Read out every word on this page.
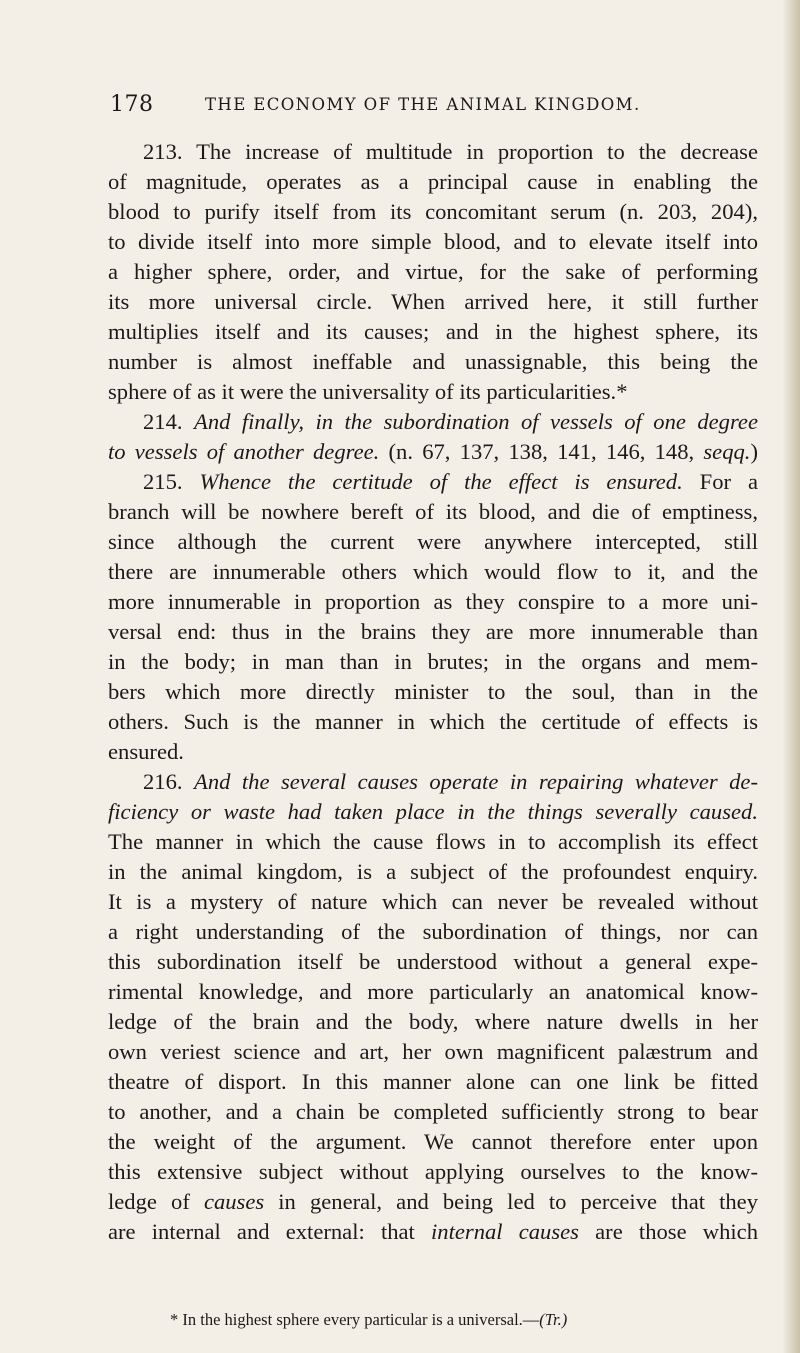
178	THE ECONOMY OF THE ANIMAL KINGDOM.
213. The increase of multitude in proportion to the decrease
of magnitude, operates as a principal cause in enabling the
blood to purify itself from its concomitant serum (n. 203, 204),
to divide itself into more simple blood, and to elevate itself into
a higher sphere, order, and virtue, for the sake of performing
its more universal circle. When arrived here, it still further
multiplies itself and its causes; and in the highest sphere, its
number is almost ineffable and unassignable, this being the
sphere of as it were the universality of its particularities.*
214. And finally, in the subordination of vessels of one degree
to vessels of another degree. (n. 67, 137, 138, 141, 146, 148, seqq.)
215. Whence the certitude of the effect is ensured. For a
branch will be nowhere bereft of its blood, and die of emptiness,
since although the current were anywhere intercepted, still
there are innumerable others which would flow to it, and the
more innumerable in proportion as they conspire to a more uni-
versal end: thus in the brains they are more innumerable than
in the body; in man than in brutes; in the organs and mem-
bers which more directly minister to the soul, than in the
others. Such is the manner in which the certitude of effects is
ensured.
216. And the several causes operate in repairing whatever de-
ficiency or waste had taken place in the things severally caused.
The manner in which the cause flows in to accomplish its effect
in the animal kingdom, is a subject of the profoundest enquiry.
It is a mystery of nature which can never be revealed without
a right understanding of the subordination of things, nor can
this subordination itself be understood without a general expe-
rimental knowledge, and more particularly an anatomical know-
ledge of the brain and the body, where nature dwells in her
own veriest science and art, her own magnificent palæstrum and
theatre of disport. In this manner alone can one link be fitted
to another, and a chain be completed sufficiently strong to bear
the weight of the argument. We cannot therefore enter upon
this extensive subject without applying ourselves to the know-
ledge of causes in general, and being led to perceive that they
are internal and external: that internal causes are those which
* In the highest sphere every particular is a universal.—(Tr.)
